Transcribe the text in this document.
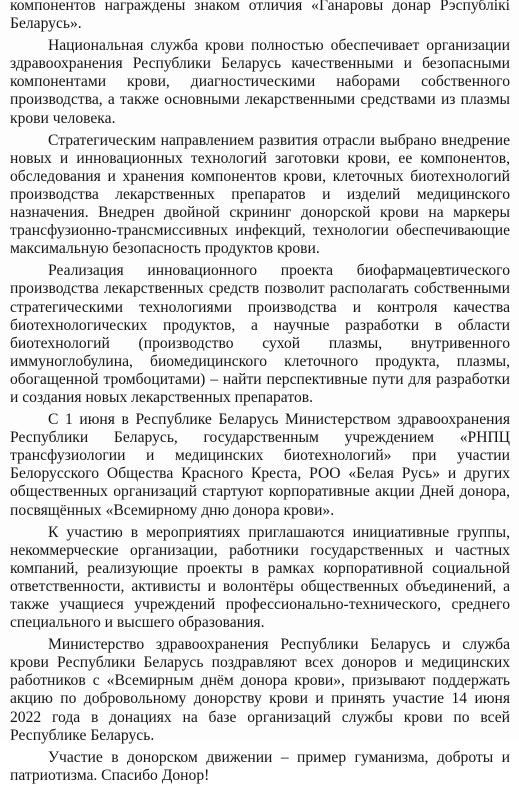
компонентов награждены знаком отличия «Ганаровы донар Рэспублікі Беларусь».

Национальная служба крови полностью обеспечивает организации здравоохранения Республики Беларусь качественными и безопасными компонентами крови, диагностическими наборами собственного производства, а также основными лекарственными средствами из плазмы крови человека.

Стратегическим направлением развития отрасли выбрано внедрение новых и инновационных технологий заготовки крови, ее компонентов, обследования и хранения компонентов крови, клеточных биотехнологий производства лекарственных препаратов и изделий медицинского назначения. Внедрен двойной скрининг донорской крови на маркеры трансфузионно-трансмиссивных инфекций, технологии обеспечивающие максимальную безопасность продуктов крови.

Реализация инновационного проекта биофармацевтического производства лекарственных средств позволит располагать собственными стратегическими технологиями производства и контроля качества биотехнологических продуктов, а научные разработки в области биотехнологий (производство сухой плазмы, внутривенного иммуноглобулина, биомедицинского клеточного продукта, плазмы, обогащенной тромбоцитами) – найти перспективные пути для разработки и создания новых лекарственных препаратов.

С 1 июня в Республике Беларусь Министерством здравоохранения Республики Беларусь, государственным учреждением «РНПЦ трансфузиологии и медицинских биотехнологий» при участии Белорусского Общества Красного Креста, РОО «Белая Русь» и других общественных организаций стартуют корпоративные акции Дней донора, посвящённых «Всемирному дню донора крови».

К участию в мероприятиях приглашаются инициативные группы, некоммерческие организации, работники государственных и частных компаний, реализующие проекты в рамках корпоративной социальной ответственности, активисты и волонтёры общественных объединений, а также учащиеся учреждений профессионально-технического, среднего специального и высшего образования.

Министерство здравоохранения Республики Беларусь и служба крови Республики Беларусь поздравляют всех доноров и медицинских работников с «Всемирным днём донора крови», призывают поддержать акцию по добровольному донорству крови и принять участие 14 июня 2022 года в донациях на базе организаций службы крови по всей Республике Беларусь.

Участие в донорском движении – пример гуманизма, доброты и патриотизма. Спасибо Донор!
